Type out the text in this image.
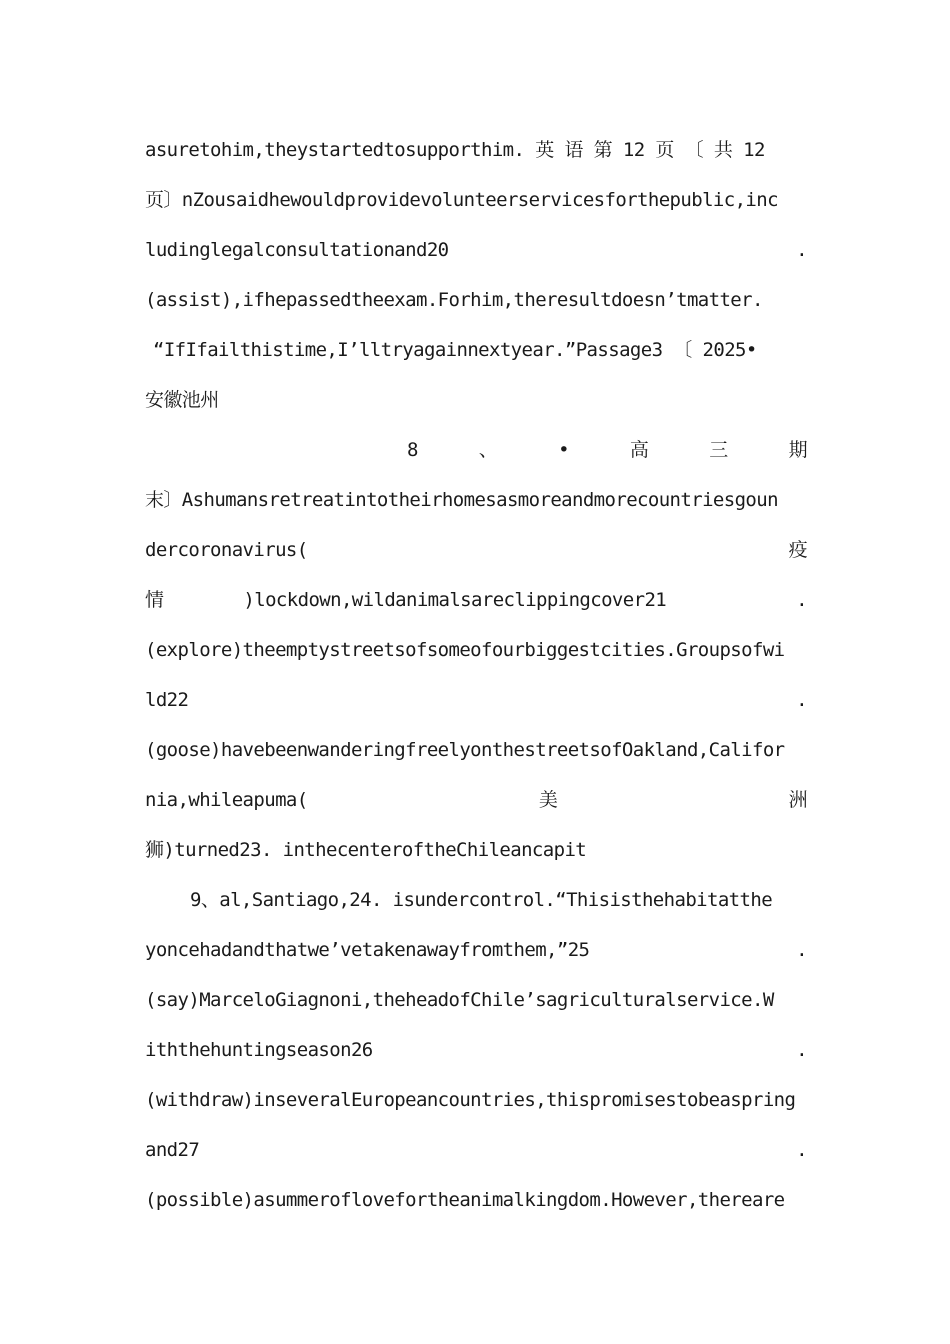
asuretohim,theystartedtosupporthim. 英 语 第 12 页 〔 共 12
页〕nZousaidhewouldprovidevolunteerservicesforthepublic,inc
ludinglegalconsultationand20	.
(assist),ifhepassedtheexam.Forhim,theresultdoesn’tmatter.
“IfIfailthistime,I’lltryagainnextyear.”Passage3 〔 2025•
安徽池州
8	、	•	高	三	期
末〕Ashumansretreatintotheirhomesasmoreandmorecountriesgoun
dercoronavirus(	疫
情	)lockdown,wildanimalsareclippingcover21	.
(explore)theemptystreetsofsomeofourbiggestcities.Groupsofwi
ld22	.
(goose)havebeenwanderingfreelyonthestreetsofOakland,Califor
nia,whileapuma(	美	洲
狮)turned23. inthecenteroftheChileancapit
9、al,Santiago,24. isundercontrol.“Thisisthehabitatthe
yoncehadandthatwe’vetakenawayfromthem,”25	.
(say)MarceloGiagnoni,theheadofChile’sagriculturalservice.W
iththehuntingseason26	.
(withdraw)inseveralEuropeancountries,thispromisestobeaspring
and27	.
(possible)asummeroflovefortheanimalkingdom.However,thereare
